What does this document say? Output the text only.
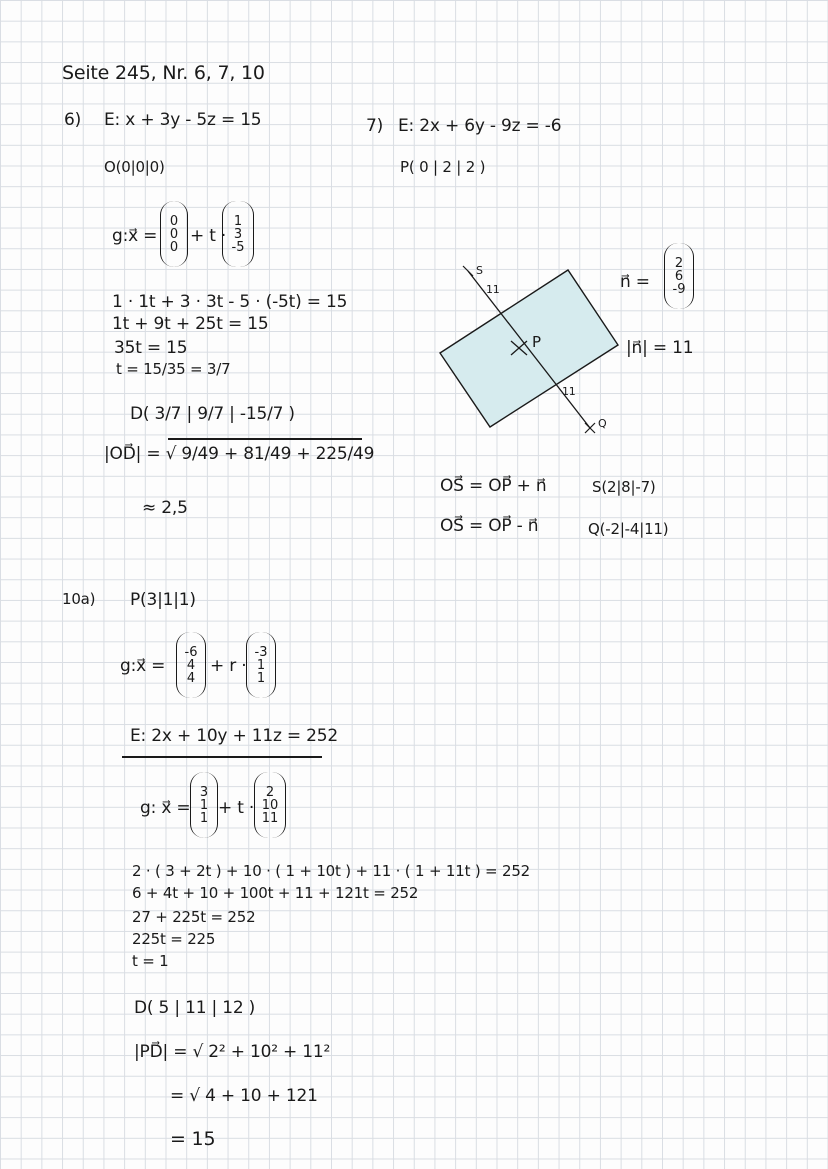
Seite 245, Nr. 6, 7, 10
6) E: x + 3y - 5z = 15
O(0|0|0)
g:x⃗ =
0
0
0
+ t ·
1
3
-5
1 · 1t + 3 · 3t - 5 · (-5t) = 15
1t + 9t + 25t = 15
35t = 15
t = 15/35 = 3/7
D( 3/7 | 9/7 | -15/7 )
|OD⃗| = √ 9/49 + 81/49 + 225/49
≈ 2,5
7) E: 2x + 6y - 9z = -6
P( 0 | 2 | 2 )
S
11
P
11
Q
n⃗ =
2
6
-9
|n⃗| = 11
OS⃗ = OP⃗ + n⃗
OS⃗ = OP⃗ - n⃗
S(2|8|-7)
Q(-2|-4|11)
10a) P(3|1|1)
g:x⃗ =
-6
4
4
+ r ·
-3
1
1
E: 2x + 10y + 11z = 252
g: x⃗ =
3
1
1 + t ·
2
10
11
2 · ( 3 + 2t ) + 10 · ( 1 + 10t ) + 11 · ( 1 + 11t ) = 252
6 + 4t + 10 + 100t + 11 + 121t = 252
27 + 225t = 252
225t = 225
t = 1
D( 5 | 11 | 12 )
|PD⃗| = √ 2² + 10² + 11²
= √ 4 + 10 + 121
= 15
